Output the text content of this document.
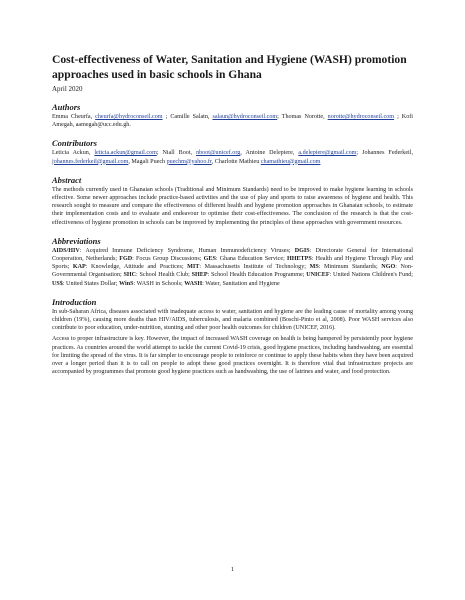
Cost-effectiveness of Water, Sanitation and Hygiene (WASH) promotion approaches used in basic schools in Ghana
April 2020
Authors

Emma Cheurfa, cheurfa@hydroconseil.com ; Camille Salatn, salaun@hydroconseil.com; Thomas Norotte, norotte@hydroconseil.com ; Kofi Amegah, aamegah@ucc.edu.gh.

Contributors

Leticia Ackun, leticia.ackun@gmail.com; Niall Boot, nboot@unicef.org, Antoine Delepiere, a.delepiere@gmail.com; Johannes Federkeil, johannes.federkeil@gmail.com, Magali Puech puechm@yahoo.fr, Charlotte Mathieu chamathieu@gmail.com

Abstract

The methods currently used in Ghanaian schools (Traditional and Minimum Standards) need to be improved to make hygiene learning in schools effective. Some newer approaches include practice-based activities and the use of play and sports to raise awareness of hygiene and health. This research sought to measure and compare the effectiveness of different health and hygiene promotion approaches in Ghanaian schools, to estimate their implementation costs and to evaluate and endeavour to optimise their cost-effectiveness. The conclusion of the research is that the cost-effectiveness of hygiene promotion in schools can be improved by implementing the principles of these approaches with government resources.

Abbreviations

AIDS/HIV: Acquired Immune Deficiency Syndrome, Human Immunodeficiency Viruses; DGIS: Directorate General for International Cooperation, Netherlands; FGD: Focus Group Discussions; GES: Ghana Education Service; HHETPS: Health and Hygiene Through Play and Sports; KAP: Knowledge, Attitude and Practices; MIT: Massachusetts Institute of Technology; MS: Minimum Standards; NGO: Non-Governmental Organisation; SHC: School Health Club; SHEP: School Health Education Programme; UNICEF: United Nations Children's Fund; US$: United States Dollar; WinS: WASH in Schools; WASH: Water, Sanitation and Hygiene

Introduction

In sub-Saharan Africa, diseases associated with inadequate access to water, sanitation and hygiene are the leading cause of mortality among young children (19%), causing more deaths than HIV/AIDS, tuberculosis, and malaria combined (Boschi-Pinto et al, 2008). Poor WASH services also contribute to poor education, under-nutrition, stunting and other poor health outcomes for children (UNICEF, 2016).

Access to proper infrastructure is key. However, the impact of increased WASH coverage on health is being hampered by persistently poor hygiene practices. As countries around the world attempt to tackle the current Covid-19 crisis, good hygiene practices, including handwashing, are essential for limiting the spread of the virus. It is far simpler to encourage people to reinforce or continue to apply these habits when they have been acquired over a longer period than it is to call on people to adopt these good practices overnight. It is therefore vital that infrastructure projects are accompanied by programmes that promote good hygiene practices such as handwashing, the use of latrines and water, and food protection.

1
